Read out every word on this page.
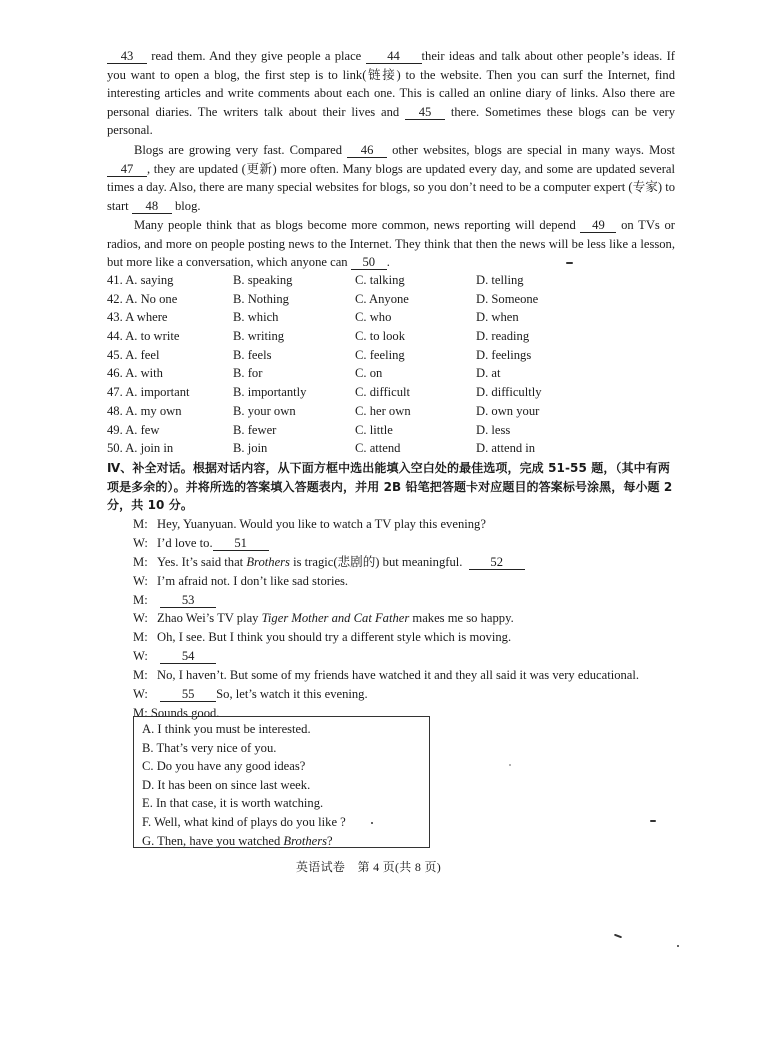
43 read them. And they give people a place 44 their ideas and talk about other people’s ideas. If you want to open a blog, the first step is to link(链接) to the website. Then you can surf the Internet, find interesting articles and write comments about each one. This is called an online diary of links. Also there are personal diaries. The writers talk about their lives and 45 there. Sometimes these blogs can be very personal.
Blogs are growing very fast. Compared 46 other websites, blogs are special in many ways. Most 47 , they are updated (更新) more often. Many blogs are updated every day, and some are updated several times a day. Also, there are many special websites for blogs, so you don’t need to be a computer expert (专家) to start 48 blog.
Many people think that as blogs become more common, news reporting will depend 49 on TVs or radios, and more on people posting news to the Internet. They think that then the news will be less like a lesson, but more like a conversation, which anyone can 50 .
41. A. saying	B. speaking	C. talking	D. telling
42. A. No one	B. Nothing	C. Anyone	D. Someone
43. A where	B. which	C. who	D. when
44. A. to write	B. writing	C. to look	D. reading
45. A. feel	B. feels	C. feeling	D. feelings
46. A. with	B. for	C. on	D. at
47. A. important	B. importantly	C. difficult	D. difficultly
48. A. my own	B. your own	C. her own	D. own your
49. A. few	B. fewer	C. little	D. less
50. A. join in	B. join	C. attend	D. attend in
Ⅳ、补全对话。根据对话内容，从下面方框中选出能填入空白处的最佳选项，完成 51-55 题，（其中有两项是多余的）。并将所选的答案填入答题表内，并用 2B 铅笔把答题卡对应题目的答案标号涂黑，每小题 2 分，共 10 分。
M: Hey, Yuanyuan. Would you like to watch a TV play this evening?
W: I’d love to. 51
M: Yes. It’s said that Brothers is tragic(悲剧的) but meaningful.  52
W: I’m afraid not. I don’t like sad stories.
M:	53
W: Zhao Wei’s TV play Tiger Mother and Cat Father makes me so happy.
M: Oh, I see. But I think you should try a different style which is moving.
W:	54
M: No, I haven’t. But some of my friends have watched it and they all said it was very educational.
W:	55 So, let’s watch it this evening.
M: Sounds good.
A. I think you must be interested.
B. That’s very nice of you.
C. Do you have any good ideas?
D. It has been on since last week.
E. In that case, it is worth watching.
F. Well, what kind of plays do you like ?
G. Then, have you watched Brothers?
英语试卷　第 4 页(共 8 页)
